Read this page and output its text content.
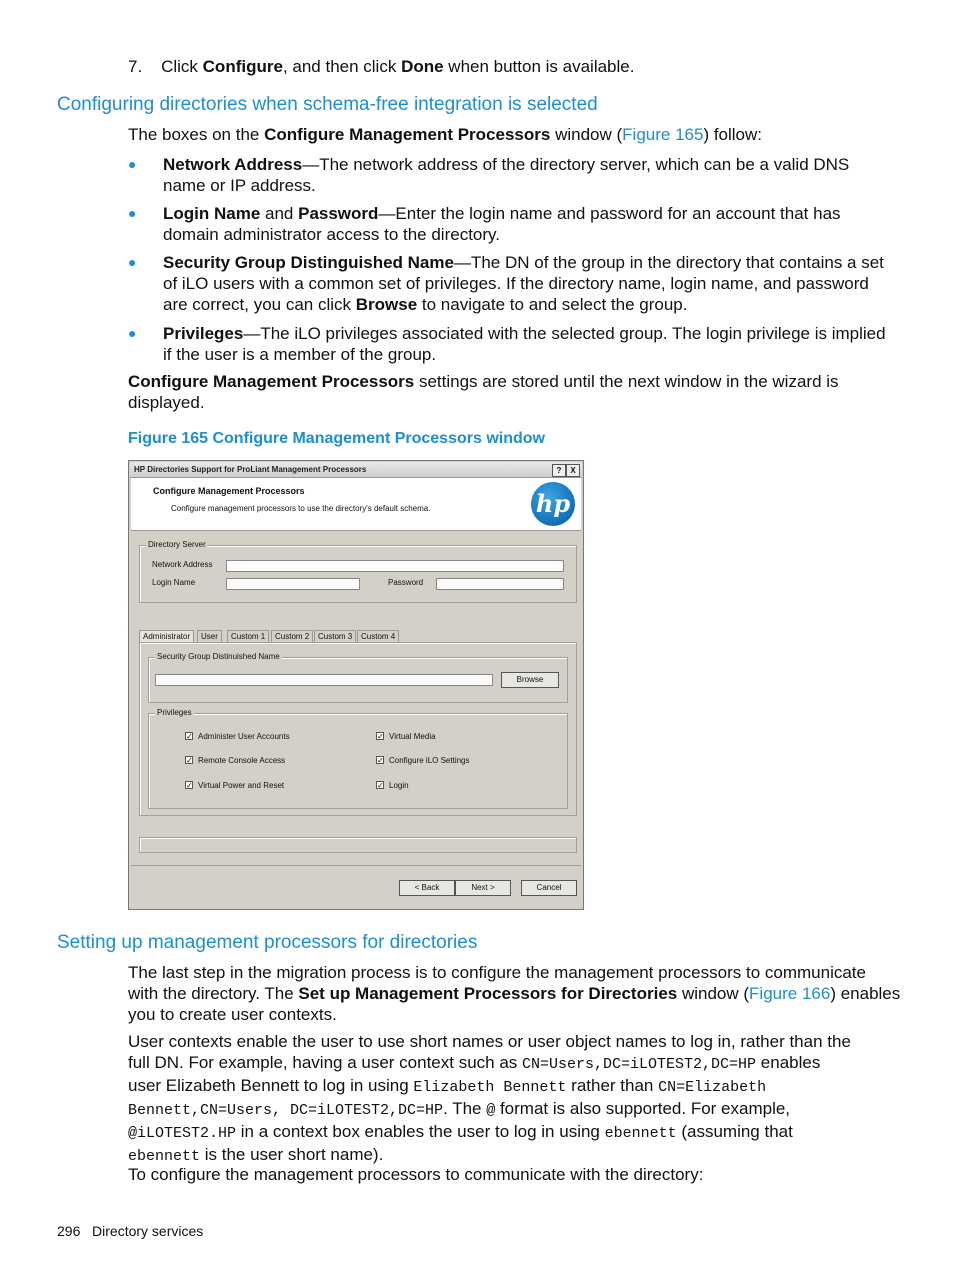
7. Click Configure, and then click Done when button is available.
Configuring directories when schema-free integration is selected
The boxes on the Configure Management Processors window (Figure 165) follow:
● Network Address—The network address of the directory server, which can be a valid DNS
name or IP address.
● Login Name and Password—Enter the login name and password for an account that has
domain administrator access to the directory.
● Security Group Distinguished Name—The DN of the group in the directory that contains a set
of iLO users with a common set of privileges. If the directory name, login name, and password
are correct, you can click Browse to navigate to and select the group.
● Privileges—The iLO privileges associated with the selected group. The login privilege is implied
if the user is a member of the group.
Configure Management Processors settings are stored until the next window in the wizard is
displayed.
Figure 165 Configure Management Processors window
HP Directories Support for ProLiant Management Processors	?	X
Configure Management Processors
Configure management processors to use the directory's default schema.	hp
Directory Server
Network Address
Login Name	Password
Administrator	User	Custom 1	Custom 2	Custom 3	Custom 4
Security Group Distinuished Name
Browse
Privileges
✓ Administer User Accounts
✓ Remote Console Access
✓ Virtual Power and Reset
✓ Virtual Media
✓ Configure iLO Settings
✓ Login
< Back	Next >	Cancel
Setting up management processors for directories
The last step in the migration process is to configure the management processors to communicate
with the directory. The Set up Management Processors for Directories window (Figure 166) enables
you to create user contexts.
User contexts enable the user to use short names or user object names to log in, rather than the
full DN. For example, having a user context such as CN=Users,DC=iLOTEST2,DC=HP enables
user Elizabeth Bennett to log in using Elizabeth Bennett rather than CN=Elizabeth
Bennett,CN=Users, DC=iLOTEST2,DC=HP. The @ format is also supported. For example,
@iLOTEST2.HP in a context box enables the user to log in using ebennett (assuming that
ebennett is the user short name).
To configure the management processors to communicate with the directory:
296 Directory services
